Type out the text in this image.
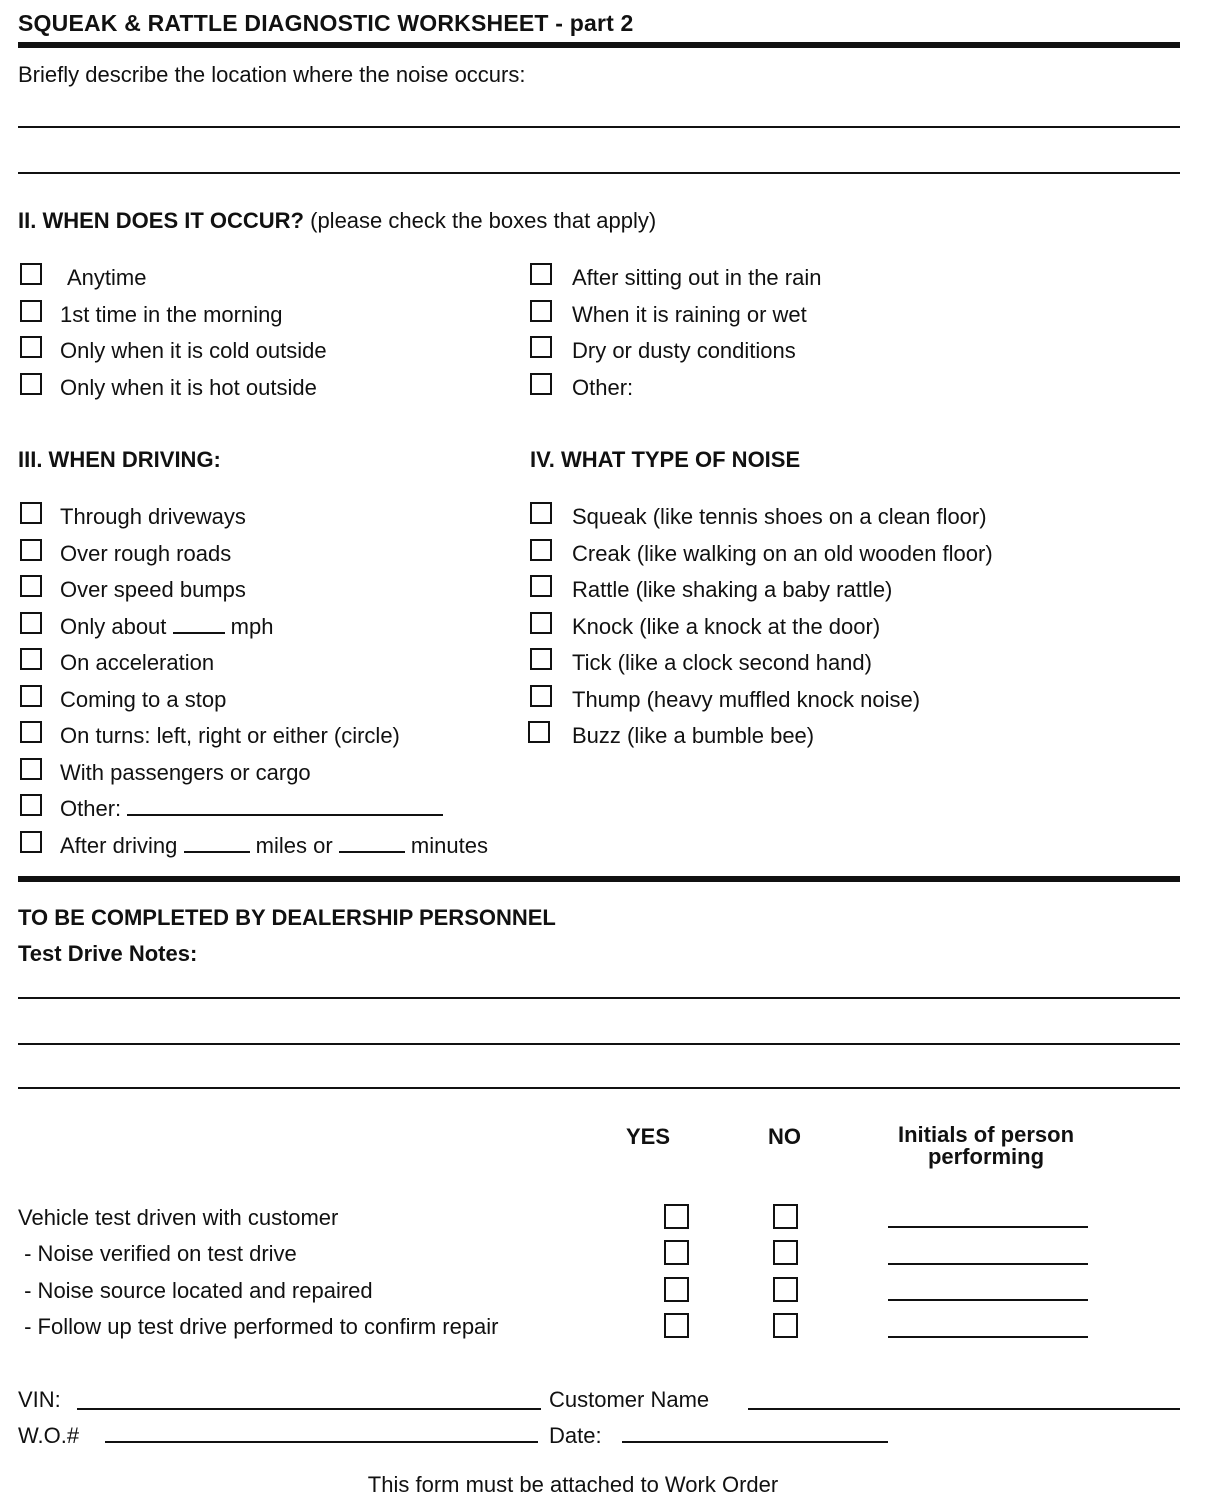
SQUEAK & RATTLE DIAGNOSTIC WORKSHEET - part 2
Briefly describe the location where the noise occurs:
II. WHEN DOES IT OCCUR? (please check the boxes that apply)
Anytime
1st time in the morning
Only when it is cold outside
Only when it is hot outside
After sitting out in the rain
When it is raining or wet
Dry or dusty conditions
Other:
III. WHEN DRIVING:	IV. WHAT TYPE OF NOISE
Through driveways
Over rough roads
Over speed bumps
Only about	mph
On acceleration
Coming to a stop
On turns: left, right or either (circle)
With passengers or cargo
Other:
After driving	miles or	minutes
Squeak (like tennis shoes on a clean floor)
Creak (like walking on an old wooden floor)
Rattle (like shaking a baby rattle)
Knock (like a knock at the door)
Tick (like a clock second hand)
Thump (heavy muffled knock noise)
Buzz (like a bumble bee)
TO BE COMPLETED BY DEALERSHIP PERSONNEL
Test Drive Notes:
YES	NO	Initials of person
performing
Vehicle test driven with customer
- Noise verified on test drive
- Noise source located and repaired
- Follow up test drive performed to confirm repair
VIN:	Customer Name
W.O.#	Date:
This form must be attached to Work Order
